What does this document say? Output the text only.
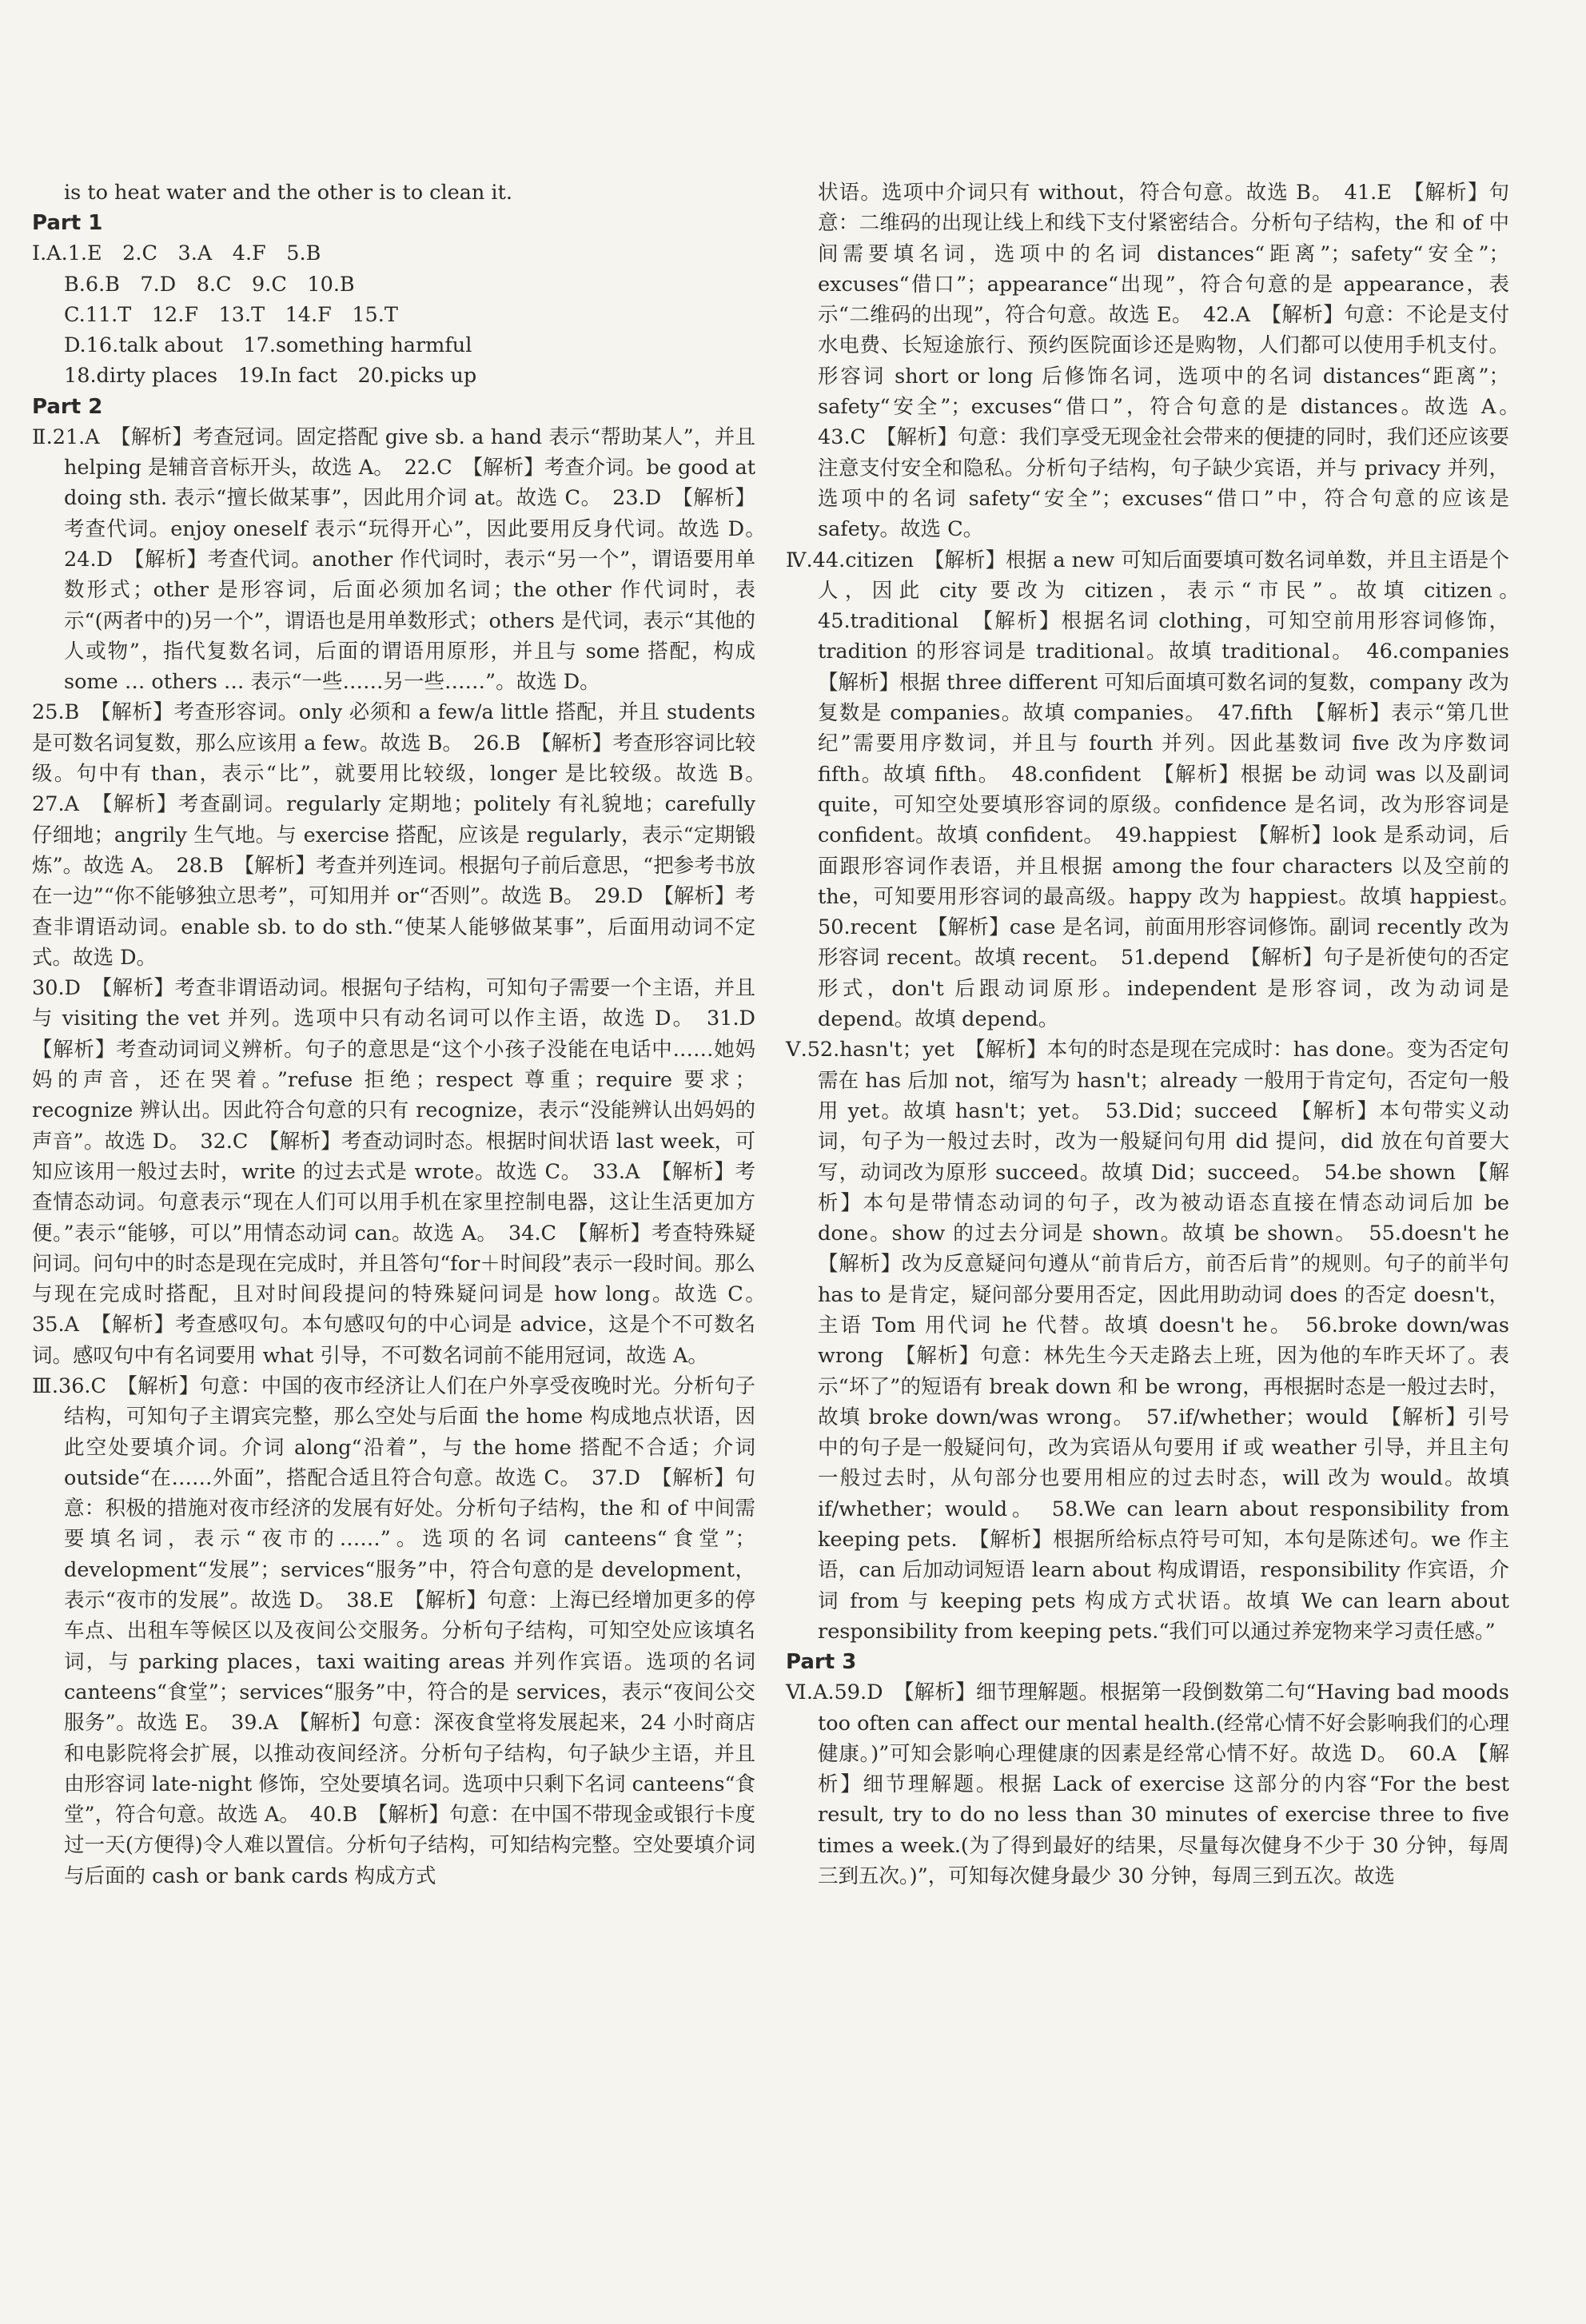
is to heat water and the other is to clean it.

Part 1

Ⅰ.A.1.E　2.C　3.A　4.F　5.B

B.6.B　7.D　8.C　9.C　10.B

C.11.T　12.F　13.T　14.F　15.T

D.16.talk about　17.something harmful

18.dirty places　19.In fact　20.picks up

Part 2

Ⅱ.21.A　【解析】考查冠词。固定搭配 give sb. a hand 表示“帮助某人”，并且 helping 是辅音音标开头，故选 A。　22.C　【解析】考查介词。be good at doing sth. 表示“擅长做某事”，因此用介词 at。故选 C。　23.D　【解析】考查代词。enjoy oneself 表示“玩得开心”，因此要用反身代词。故选 D。　24.D　【解析】考查代词。another 作代词时，表示“另一个”，谓语要用单数形式；other 是形容词，后面必须加名词；the other 作代词时，表示“(两者中的)另一个”，谓语也是用单数形式；others 是代词，表示“其他的人或物”，指代复数名词，后面的谓语用原形，并且与 some 搭配，构成 some … others … 表示“一些……另一些……”。故选 D。

25.B　【解析】考查形容词。only 必须和 a few/a little 搭配，并且 students 是可数名词复数，那么应该用 a few。故选 B。　26.B　【解析】考查形容词比较级。句中有 than，表示“比”，就要用比较级，longer 是比较级。故选 B。　27.A　【解析】考查副词。regularly 定期地；politely 有礼貌地；carefully 仔细地；angrily 生气地。与 exercise 搭配，应该是 regularly，表示“定期锻炼”。故选 A。　28.B　【解析】考查并列连词。根据句子前后意思，“把参考书放在一边”“你不能够独立思考”，可知用并 or“否则”。故选 B。　29.D　【解析】考查非谓语动词。enable sb. to do sth.“使某人能够做某事”，后面用动词不定式。故选 D。

30.D　【解析】考查非谓语动词。根据句子结构，可知句子需要一个主语，并且与 visiting the vet 并列。选项中只有动名词可以作主语，故选 D。　31.D　【解析】考查动词词义辨析。句子的意思是“这个小孩子没能在电话中……她妈妈的声音，还在哭着。”refuse 拒绝；respect 尊重；require 要求；recognize 辨认出。因此符合句意的只有 recognize，表示“没能辨认出妈妈的声音”。故选 D。　32.C　【解析】考查动词时态。根据时间状语 last week，可知应该用一般过去时，write 的过去式是 wrote。故选 C。　33.A　【解析】考查情态动词。句意表示“现在人们可以用手机在家里控制电器，这让生活更加方便。”表示“能够，可以”用情态动词 can。故选 A。　34.C　【解析】考查特殊疑问词。问句中的时态是现在完成时，并且答句“for＋时间段”表示一段时间。那么与现在完成时搭配，且对时间段提问的特殊疑问词是 how long。故选 C。　35.A　【解析】考查感叹句。本句感叹句的中心词是 advice，这是个不可数名词。感叹句中有名词要用 what 引导，不可数名词前不能用冠词，故选 A。

Ⅲ.36.C　【解析】句意：中国的夜市经济让人们在户外享受夜晚时光。分析句子结构，可知句子主谓宾完整，那么空处与后面 the home 构成地点状语，因此空处要填介词。介词 along“沿着”，与 the home 搭配不合适；介词 outside“在……外面”，搭配合适且符合句意。故选 C。　37.D　【解析】句意：积极的措施对夜市经济的发展有好处。分析句子结构，the 和 of 中间需要填名词，表示“夜市的……”。选项的名词 canteens“食堂”；development“发展”；services“服务”中，符合句意的是 development，表示“夜市的发展”。故选 D。　38.E　【解析】句意：上海已经增加更多的停车点、出租车等候区以及夜间公交服务。分析句子结构，可知空处应该填名词，与 parking places，taxi waiting areas 并列作宾语。选项的名词 canteens“食堂”；services“服务”中，符合的是 services，表示“夜间公交服务”。故选 E。　39.A　【解析】句意：深夜食堂将发展起来，24 小时商店和电影院将会扩展，以推动夜间经济。分析句子结构，句子缺少主语，并且由形容词 late-night 修饰，空处要填名词。选项中只剩下名词 canteens“食堂”，符合句意。故选 A。　40.B　【解析】句意：在中国不带现金或银行卡度过一天(方便得)令人难以置信。分析句子结构，可知结构完整。空处要填介词与后面的 cash or bank cards 构成方式

状语。选项中介词只有 without，符合句意。故选 B。　41.E　【解析】句意：二维码的出现让线上和线下支付紧密结合。分析句子结构，the 和 of 中间需要填名词，选项中的名词 distances“距离”；safety“安全”；excuses“借口”；appearance“出现”，符合句意的是 appearance，表示“二维码的出现”，符合句意。故选 E。　42.A　【解析】句意：不论是支付水电费、长短途旅行、预约医院面诊还是购物，人们都可以使用手机支付。形容词 short or long 后修饰名词，选项中的名词 distances“距离”；safety“安全”；excuses“借口”，符合句意的是 distances。故选 A。　43.C　【解析】句意：我们享受无现金社会带来的便捷的同时，我们还应该要注意支付安全和隐私。分析句子结构，句子缺少宾语，并与 privacy 并列，选项中的名词 safety“安全”；excuses“借口”中，符合句意的应该是 safety。故选 C。

Ⅳ.44.citizen　【解析】根据 a new 可知后面要填可数名词单数，并且主语是个人，因此 city 要改为 citizen，表示“市民”。故填 citizen。　45.traditional　【解析】根据名词 clothing，可知空前用形容词修饰，tradition 的形容词是 traditional。故填 traditional。　46.companies　【解析】根据 three different 可知后面填可数名词的复数，company 改为复数是 companies。故填 companies。　47.fifth　【解析】表示“第几世纪”需要用序数词，并且与 fourth 并列。因此基数词 five 改为序数词 fifth。故填 fifth。　48.confident　【解析】根据 be 动词 was 以及副词 quite，可知空处要填形容词的原级。confidence 是名词，改为形容词是 confident。故填 confident。　49.happiest　【解析】look 是系动词，后面跟形容词作表语，并且根据 among the four characters 以及空前的 the，可知要用形容词的最高级。happy 改为 happiest。故填 happiest。　50.recent　【解析】case 是名词，前面用形容词修饰。副词 recently 改为形容词 recent。故填 recent。　51.depend　【解析】句子是祈使句的否定形式，don't 后跟动词原形。independent 是形容词，改为动词是 depend。故填 depend。

Ⅴ.52.hasn't；yet　【解析】本句的时态是现在完成时：has done。变为否定句需在 has 后加 not，缩写为 hasn't；already 一般用于肯定句，否定句一般用 yet。故填 hasn't；yet。　53.Did；succeed　【解析】本句带实义动词，句子为一般过去时，改为一般疑问句用 did 提问，did 放在句首要大写，动词改为原形 succeed。故填 Did；succeed。　54.be shown　【解析】本句是带情态动词的句子，改为被动语态直接在情态动词后加 be done。show 的过去分词是 shown。故填 be shown。　55.doesn't he　【解析】改为反意疑问句遵从“前肯后方，前否后肯”的规则。句子的前半句 has to 是肯定，疑问部分要用否定，因此用助动词 does 的否定 doesn't，主语 Tom 用代词 he 代替。故填 doesn't he。　56.broke down/was wrong　【解析】句意：林先生今天走路去上班，因为他的车昨天坏了。表示“坏了”的短语有 break down 和 be wrong，再根据时态是一般过去时，故填 broke down/was wrong。　57.if/whether；would　【解析】引号中的句子是一般疑问句，改为宾语从句要用 if 或 weather 引导，并且主句一般过去时，从句部分也要用相应的过去时态，will 改为 would。故填 if/whether；would。　58.We can learn about responsibility from keeping pets.　【解析】根据所给标点符号可知，本句是陈述句。we 作主语，can 后加动词短语 learn about 构成谓语，responsibility 作宾语，介词 from 与 keeping pets 构成方式状语。故填 We can learn about responsibility from keeping pets.“我们可以通过养宠物来学习责任感。”

Part 3

Ⅵ.A.59.D　【解析】细节理解题。根据第一段倒数第二句“Having bad moods too often can affect our mental health.(经常心情不好会影响我们的心理健康。)”可知会影响心理健康的因素是经常心情不好。故选 D。　60.A　【解析】细节理解题。根据 Lack of exercise 这部分的内容“For the best result, try to do no less than 30 minutes of exercise three to five times a week.(为了得到最好的结果，尽量每次健身不少于 30 分钟，每周三到五次。)”，可知每次健身最少 30 分钟，每周三到五次。故选
